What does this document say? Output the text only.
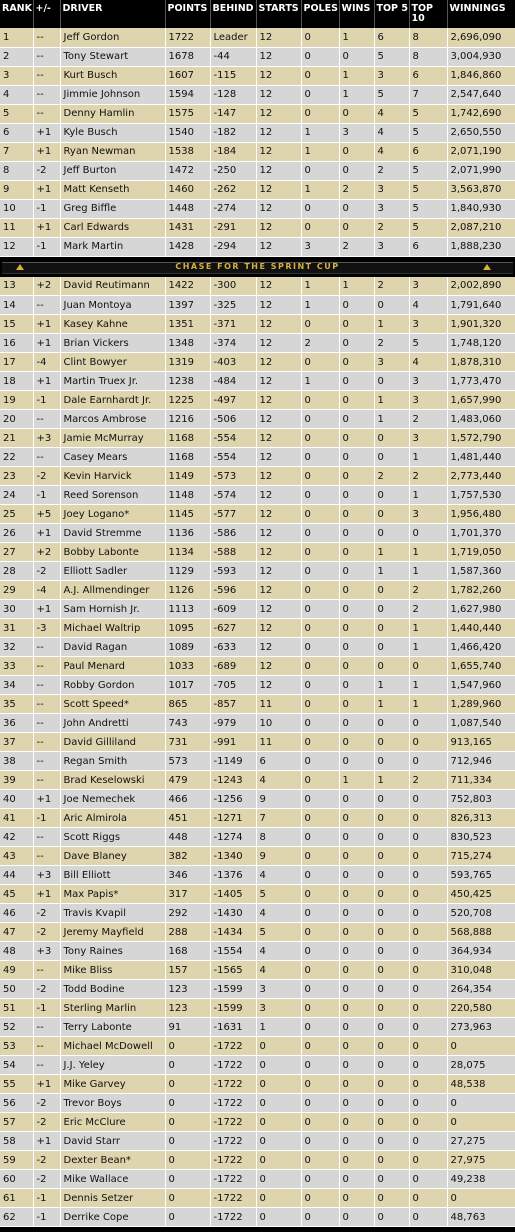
RANK	+/-	DRIVER	POINTS	BEHIND	STARTS	POLES	WINS	TOP 5	TOP 10	WINNINGS
1	--	Jeff Gordon	1722	Leader	12	0	1	6	8	2,696,090
2	--	Tony Stewart	1678	-44	12	0	0	5	8	3,004,930
3	--	Kurt Busch	1607	-115	12	0	1	3	6	1,846,860
4	--	Jimmie Johnson	1594	-128	12	0	1	5	7	2,547,640
5	--	Denny Hamlin	1575	-147	12	0	0	4	5	1,742,690
6	+1	Kyle Busch	1540	-182	12	1	3	4	5	2,650,550
7	+1	Ryan Newman	1538	-184	12	1	0	4	6	2,071,190
8	-2	Jeff Burton	1472	-250	12	0	0	2	5	2,071,990
9	+1	Matt Kenseth	1460	-262	12	1	2	3	5	3,563,870
10	-1	Greg Biffle	1448	-274	12	0	0	3	5	1,840,930
11	+1	Carl Edwards	1431	-291	12	0	0	2	5	2,087,210
12	-1	Mark Martin	1428	-294	12	3	2	3	6	1,888,230

CHASE FOR THE SPRINT CUP										

13	+2	David Reutimann	1422	-300	12	1	1	2	3	2,002,890
14	--	Juan Montoya	1397	-325	12	1	0	0	4	1,791,640
15	+1	Kasey Kahne	1351	-371	12	0	0	1	3	1,901,320
16	+1	Brian Vickers	1348	-374	12	2	0	2	5	1,748,120
17	-4	Clint Bowyer	1319	-403	12	0	0	3	4	1,878,310
18	+1	Martin Truex Jr.	1238	-484	12	1	0	0	3	1,773,470
19	-1	Dale Earnhardt Jr.	1225	-497	12	0	0	1	3	1,657,990
20	--	Marcos Ambrose	1216	-506	12	0	0	1	2	1,483,060
21	+3	Jamie McMurray	1168	-554	12	0	0	0	3	1,572,790
22	--	Casey Mears	1168	-554	12	0	0	0	1	1,481,440
23	-2	Kevin Harvick	1149	-573	12	0	0	2	2	2,773,440
24	-1	Reed Sorenson	1148	-574	12	0	0	0	1	1,757,530
25	+5	Joey Logano*	1145	-577	12	0	0	0	3	1,956,480
26	+1	David Stremme	1136	-586	12	0	0	0	0	1,701,370
27	+2	Bobby Labonte	1134	-588	12	0	0	1	1	1,719,050
28	-2	Elliott Sadler	1129	-593	12	0	0	1	1	1,587,360
29	-4	A.J. Allmendinger	1126	-596	12	0	0	0	2	1,782,260
30	+1	Sam Hornish Jr.	1113	-609	12	0	0	0	2	1,627,980
31	-3	Michael Waltrip	1095	-627	12	0	0	0	1	1,440,440
32	--	David Ragan	1089	-633	12	0	0	0	1	1,466,420
33	--	Paul Menard	1033	-689	12	0	0	0	0	1,655,740
34	--	Robby Gordon	1017	-705	12	0	0	1	1	1,547,960
35	--	Scott Speed*	865	-857	11	0	0	1	1	1,289,960
36	--	John Andretti	743	-979	10	0	0	0	0	1,087,540
37	--	David Gilliland	731	-991	11	0	0	0	0	913,165
38	--	Regan Smith	573	-1149	6	0	0	0	0	712,946
39	--	Brad Keselowski	479	-1243	4	0	1	1	2	711,334
40	+1	Joe Nemechek	466	-1256	9	0	0	0	0	752,803
41	-1	Aric Almirola	451	-1271	7	0	0	0	0	826,313
42	--	Scott Riggs	448	-1274	8	0	0	0	0	830,523
43	--	Dave Blaney	382	-1340	9	0	0	0	0	715,274
44	+3	Bill Elliott	346	-1376	4	0	0	0	0	593,765
45	+1	Max Papis*	317	-1405	5	0	0	0	0	450,425
46	-2	Travis Kvapil	292	-1430	4	0	0	0	0	520,708
47	-2	Jeremy Mayfield	288	-1434	5	0	0	0	0	568,888
48	+3	Tony Raines	168	-1554	4	0	0	0	0	364,934
49	--	Mike Bliss	157	-1565	4	0	0	0	0	310,048
50	-2	Todd Bodine	123	-1599	3	0	0	0	0	264,354
51	-1	Sterling Marlin	123	-1599	3	0	0	0	0	220,580
52	--	Terry Labonte	91	-1631	1	0	0	0	0	273,963
53	--	Michael McDowell	0	-1722	0	0	0	0	0	0
54	--	J.J. Yeley	0	-1722	0	0	0	0	0	28,075
55	+1	Mike Garvey	0	-1722	0	0	0	0	0	48,538
56	-2	Trevor Boys	0	-1722	0	0	0	0	0	0
57	-2	Eric McClure	0	-1722	0	0	0	0	0	0
58	+1	David Starr	0	-1722	0	0	0	0	0	27,275
59	-2	Dexter Bean*	0	-1722	0	0	0	0	0	27,975
60	-2	Mike Wallace	0	-1722	0	0	0	0	0	49,238
61	-1	Dennis Setzer	0	-1722	0	0	0	0	0	0
62	-1	Derrike Cope	0	-1722	0	0	0	0	0	48,763
